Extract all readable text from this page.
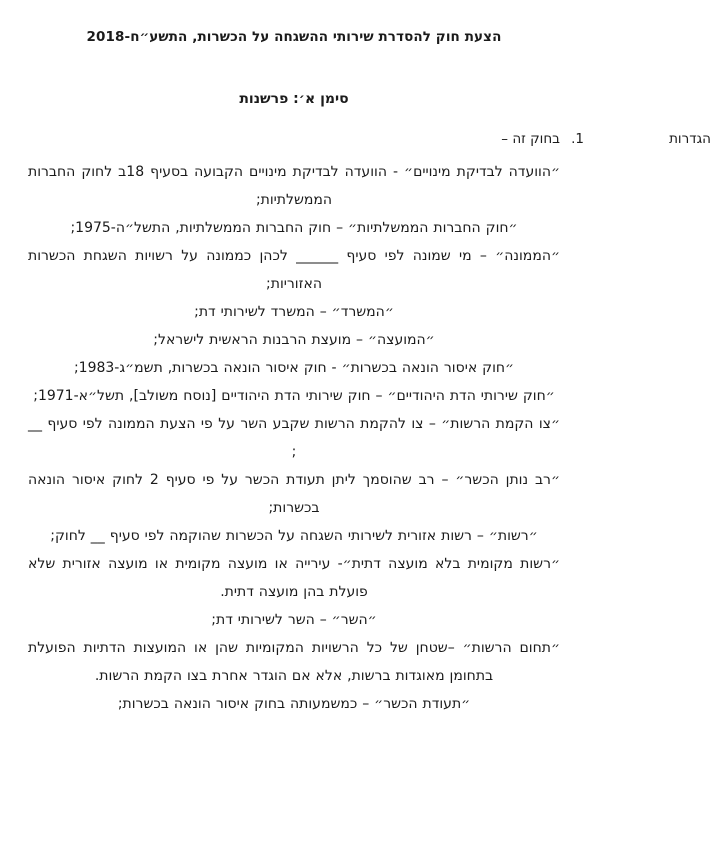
הצעת חוק להסדרת שירותי ההשגחה על הכשרות, התשע״ח-2018
סימן א׳: פרשנות
הגדרות
1.
בחוק זה –

״הוועדה לבדיקת מינויים״ - הוועדה לבדיקת מינויים הקבועה בסעיף 18ב לחוק החברות הממשלתיות;

״חוק החברות הממשלתיות״ – חוק החברות הממשלתיות, התשל״ה-1975;

״הממונה״ – מי שמונה לפי סעיף ______ לכהן כממונה על רשויות השגחת הכשרות האזוריות;

״המשרד״ – המשרד לשירותי דת;

״המועצה״ – מועצת הרבנות הראשית לישראל;

״חוק איסור הונאה בכשרות״ - חוק איסור הונאה בכשרות, תשמ״ג-1983;

״חוק שירותי הדת היהודיים״ – חוק שירותי הדת היהודיים [נוסח משולב], תשל״א-1971;

״צו הקמת הרשות״ – צו להקמת הרשות שקבע השר על פי הצעת הממונה לפי סעיף __ ;

״רב נותן הכשר״ – רב שהוסמך ליתן תעודת הכשר על פי סעיף 2 לחוק איסור הונאה בכשרות;

״רשות״ – רשות אזורית לשירותי השגחה על הכשרות שהוקמה לפי סעיף __ לחוק;

״רשות מקומית בלא מועצה דתית״- עירייה או מועצה מקומית או מועצה אזורית שלא פועלת בהן מועצה דתית.

״השר״ – השר לשירותי דת;

״תחום הרשות״ –שטחן של כל הרשויות המקומיות שהן או המועצות הדתיות הפועלת בתחומן מאוגדות ברשות, אלא אם הוגדר אחרת בצו הקמת הרשות.

״תעודת הכשר״ – כמשמעותה בחוק איסור הונאה בכשרות;
